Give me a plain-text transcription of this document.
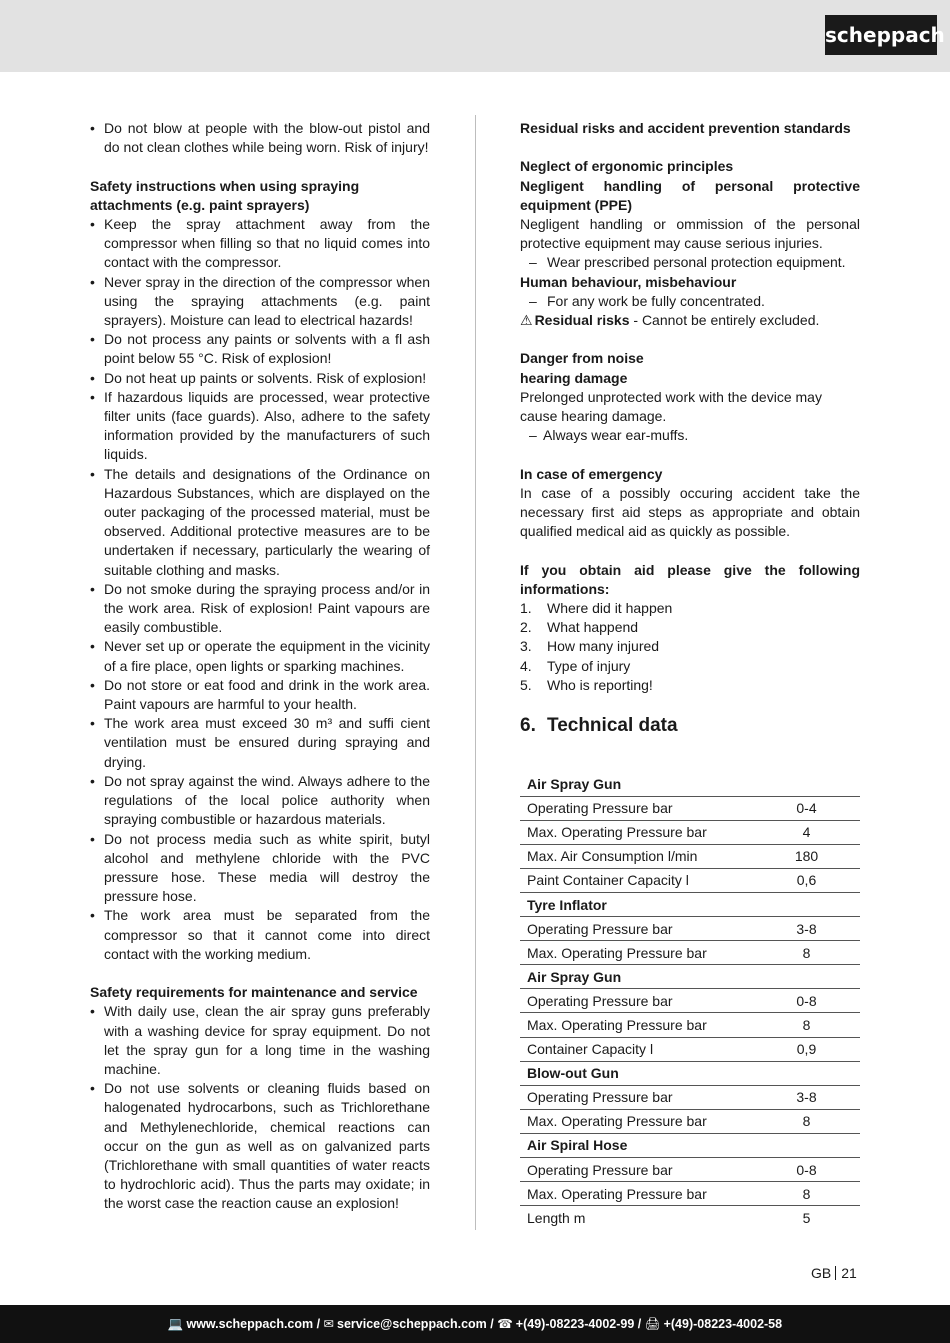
scheppach
• Do not blow at people with the blow-out pistol and do not clean clothes while being worn. Risk of injury!
Safety instructions when using spraying attachments (e.g. paint sprayers)
• Keep the spray attachment away from the compressor when filling so that no liquid comes into contact with the compressor.
• Never spray in the direction of the compressor when using the spraying attachments (e.g. paint sprayers). Moisture can lead to electrical hazards!
• Do not process any paints or solvents with a fl ash point below 55 °C. Risk of explosion!
• Do not heat up paints or solvents. Risk of explosion!
• If hazardous liquids are processed, wear protective filter units (face guards). Also, adhere to the safety information provided by the manufacturers of such liquids.
• The details and designations of the Ordinance on Hazardous Substances, which are displayed on the outer packaging of the processed material, must be observed. Additional protective measures are to be undertaken if necessary, particularly the wearing of suitable clothing and masks.
• Do not smoke during the spraying process and/or in the work area. Risk of explosion! Paint vapours are easily combustible.
• Never set up or operate the equipment in the vicinity of a fire place, open lights or sparking machines.
• Do not store or eat food and drink in the work area. Paint vapours are harmful to your health.
• The work area must exceed 30 m³ and suffi cient ventilation must be ensured during spraying and drying.
• Do not spray against the wind. Always adhere to the regulations of the local police authority when spraying combustible or hazardous materials.
• Do not process media such as white spirit, butyl alcohol and methylene chloride with the PVC pressure hose. These media will destroy the pressure hose.
• The work area must be separated from the compressor so that it cannot come into direct contact with the working medium.
Safety requirements for maintenance and service
• With daily use, clean the air spray guns preferably with a washing device for spray equipment. Do not let the spray gun for a long time in the washing machine.
• Do not use solvents or cleaning fluids based on halogenated hydrocarbons, such as Trichlorethane and Methylenechloride, chemical reactions can occur on the gun as well as on galvanized parts (Trichlorethane with small quantities of water reacts to hydrochloric acid). Thus the parts may oxidate; in the worst case the reaction cause an explosion!
Residual risks and accident prevention standards
Neglect of ergonomic principles
Negligent handling of personal protective equipment (PPE)
Negligent handling or ommission of the personal protective equipment may cause serious injuries.
– Wear prescribed personal protection equipment.
Human behaviour, misbehaviour
– For any work be fully concentrated.
⚠ Residual risks - Cannot be entirely excluded.
Danger from noise
hearing damage
Prelonged unprotected work with the device may cause hearing damage.
– Always wear ear-muffs.
In case of emergency
In case of a possibly occuring accident take the necessary first aid steps as appropriate and obtain qualified medical aid as quickly as possible.
If you obtain aid please give the following informations:
1. Where did it happen
2. What happend
3. How many injured
4. Type of injury
5. Who is reporting!
6. Technical data
Air Spray Gun	
Operating Pressure bar	0-4
Max. Operating Pressure bar	4
Max. Air Consumption l/min	180
Paint Container Capacity l	0,6
Tyre Inflator	
Operating Pressure bar	3-8
Max. Operating Pressure bar	8
Air Spray Gun	
Operating Pressure bar	0-8
Max. Operating Pressure bar	8
Container Capacity l	0,9
Blow-out Gun	
Operating Pressure bar	3-8
Max. Operating Pressure bar	8
Air Spiral Hose	
Operating Pressure bar	0-8
Max. Operating Pressure bar	8
Length m	5
GB 21
💻 www.scheppach.com / ✉ service@scheppach.com / ☎ +(49)-08223-4002-99 / 🖨 +(49)-08223-4002-58
